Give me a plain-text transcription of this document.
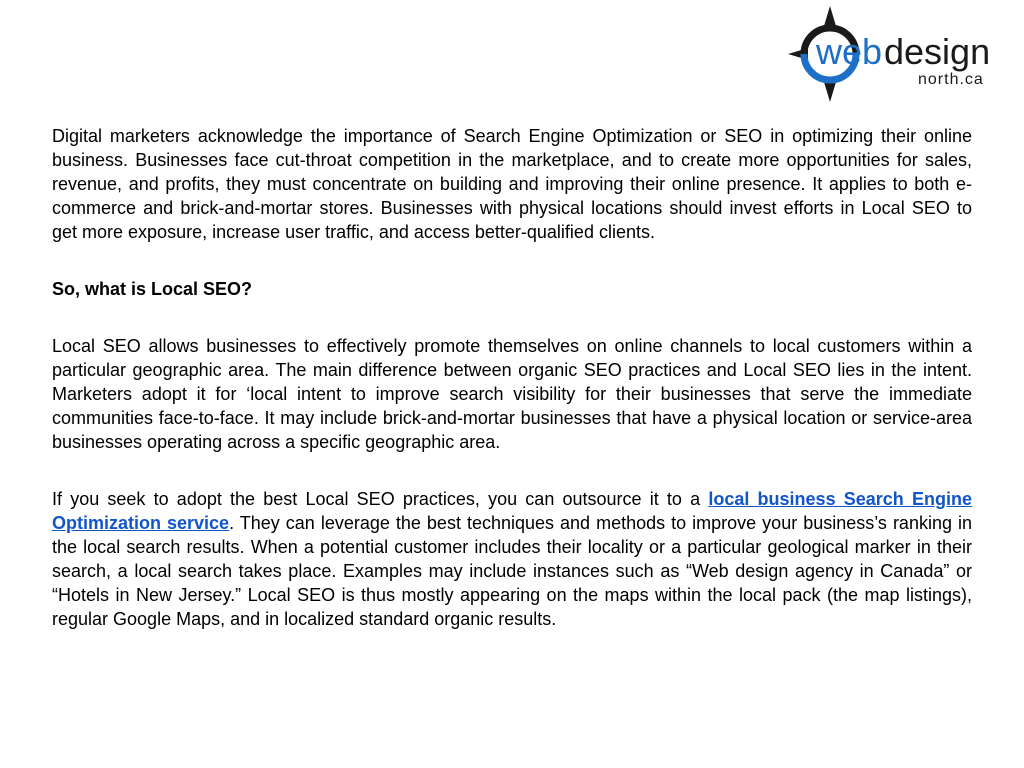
web design
north.ca

Digital marketers acknowledge the importance of Search Engine Optimization or SEO in optimizing their online business. Businesses face cut-throat competition in the marketplace, and to create more opportunities for sales, revenue, and profits, they must concentrate on building and improving their online presence. It applies to both e-commerce and brick-and-mortar stores. Businesses with physical locations should invest efforts in Local SEO to get more exposure, increase user traffic, and access better-qualified clients.

So, what is Local SEO?

Local SEO allows businesses to effectively promote themselves on online channels to local customers within a particular geographic area. The main difference between organic SEO practices and Local SEO lies in the intent. Marketers adopt it for ‘local intent to improve search visibility for their businesses that serve the immediate communities face-to-face. It may include brick-and-mortar businesses that have a physical location or service-area businesses operating across a specific geographic area.

If you seek to adopt the best Local SEO practices, you can outsource it to a local business Search Engine Optimization service. They can leverage the best techniques and methods to improve your business’s ranking in the local search results. When a potential customer includes their locality or a particular geological marker in their search, a local search takes place. Examples may include instances such as “Web design agency in Canada” or “Hotels in New Jersey.” Local SEO is thus mostly appearing on the maps within the local pack (the map listings), regular Google Maps, and in localized standard organic results.
